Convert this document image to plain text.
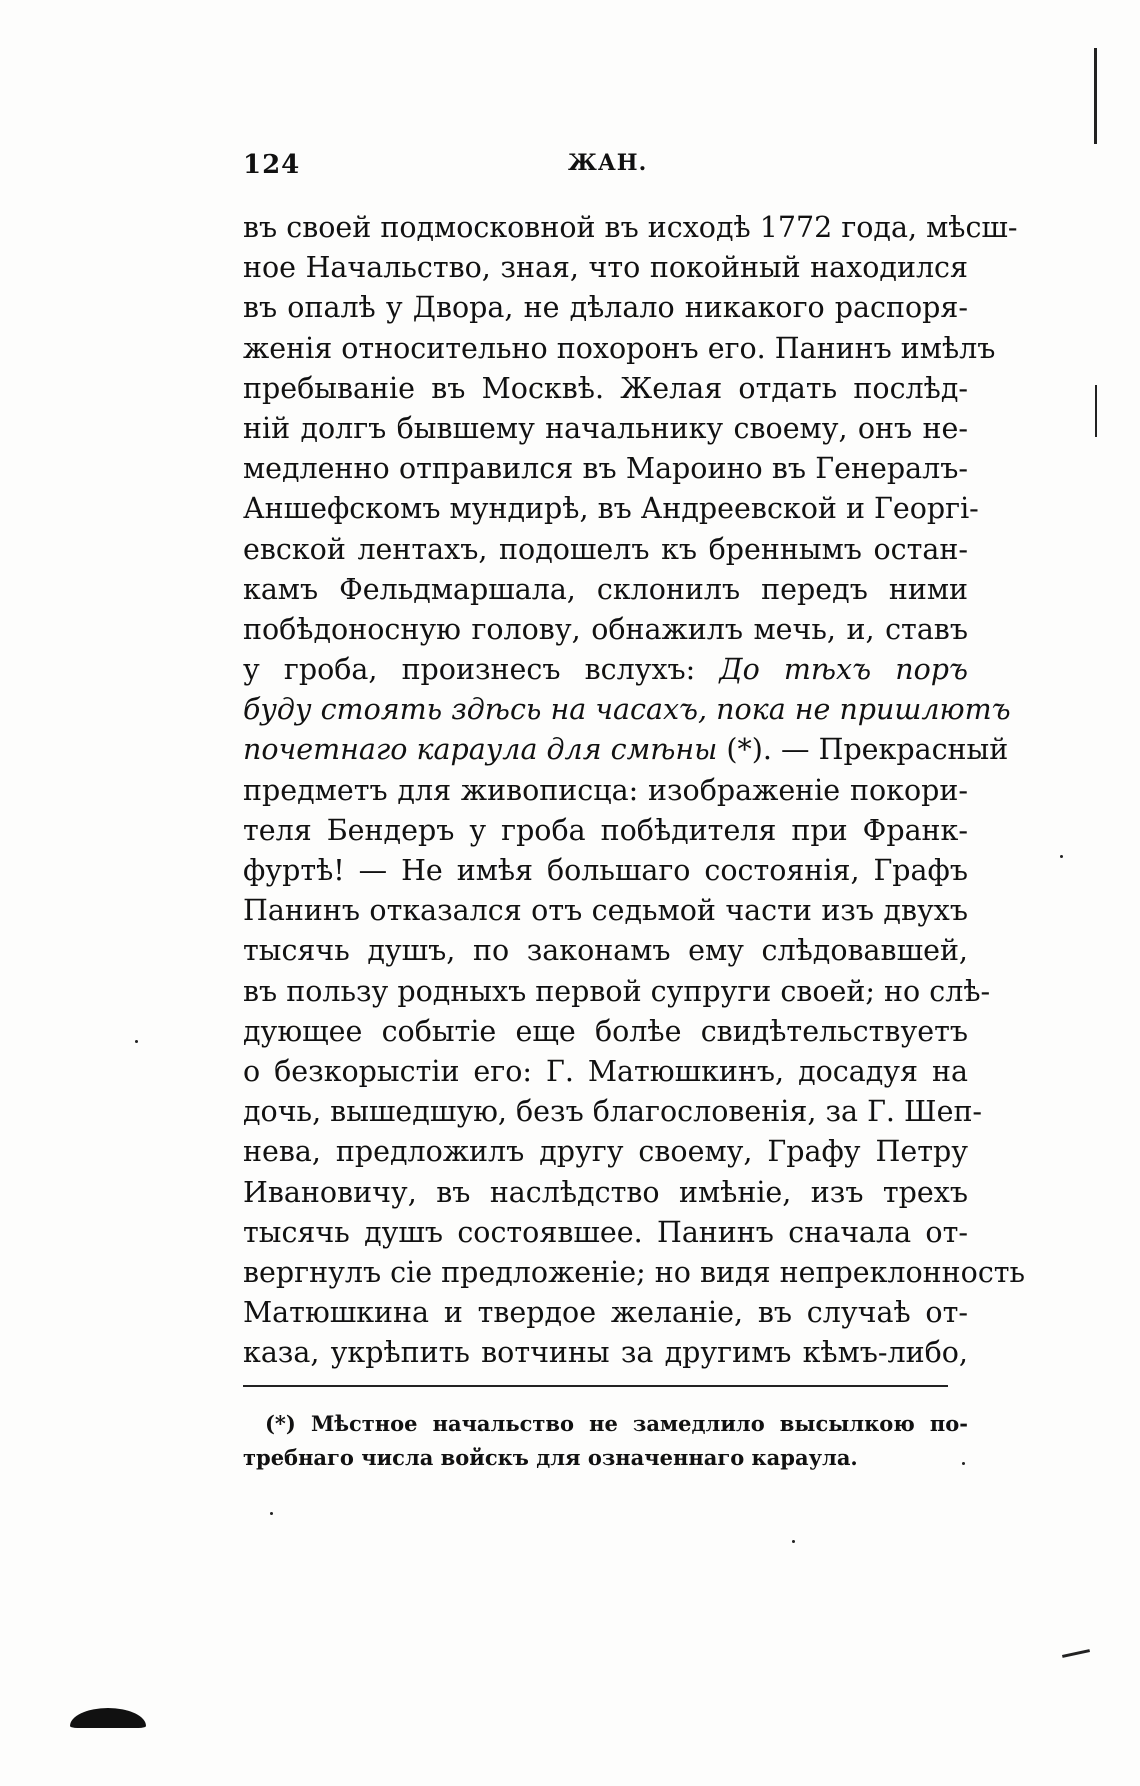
124	ЖАН.
въ своей подмосковной въ исходѣ 1772 года, мѣсш-
ное Начальство, зная, что покойный находился
въ опалѣ у Двора, не дѣлало никакого распоря-
женія относительно похоронъ его. Панинъ имѣлъ
пребываніе въ Москвѣ. Желая отдать послѣд-
ній долгъ бывшему начальнику своему, онъ не-
медленно отправился въ Мароино въ Генералъ-
Аншефскомъ мундирѣ, въ Андреевской и Георгі-
евской лентахъ, подошелъ къ бреннымъ остан-
камъ Фельдмаршала, склонилъ передъ ними
побѣдоносную голову, обнажилъ мечь, и, ставъ
у гроба, произнесъ вслухъ: До тѣхъ поръ
буду стоять здѣсь на часахъ, пока не пришлютъ
почетнаго караула для смѣны (*). — Прекрасный
предметъ для живописца: изображеніе покори-
теля Бендеръ у гроба побѣдителя при Франк-
фуртѣ! — Не имѣя большаго состоянія, Графъ
Панинъ отказался отъ седьмой части изъ двухъ
тысячь душъ, по законамъ ему слѣдовавшей,
въ пользу родныхъ первой супруги своей; но слѣ-
дующее событіе еще болѣе свидѣтельствуетъ
о безкорыстіи его: Г. Матюшкинъ, досадуя на
дочь, вышедшую, безъ благословенія, за Г. Шеп-
нева, предложилъ другу своему, Графу Петру
Ивановичу, въ наслѣдство имѣніе, изъ трехъ
тысячь душъ состоявшее. Панинъ сначала от-
вергнулъ сіе предложеніе; но видя непреклонность
Матюшкина и твердое желаніе, въ случаѣ от-
каза, укрѣпить вотчины за другимъ кѣмъ-либо,
(*) Мѣстное начальство не замедлило высылкою по-
требнаго числа войскъ для означеннаго караула.
